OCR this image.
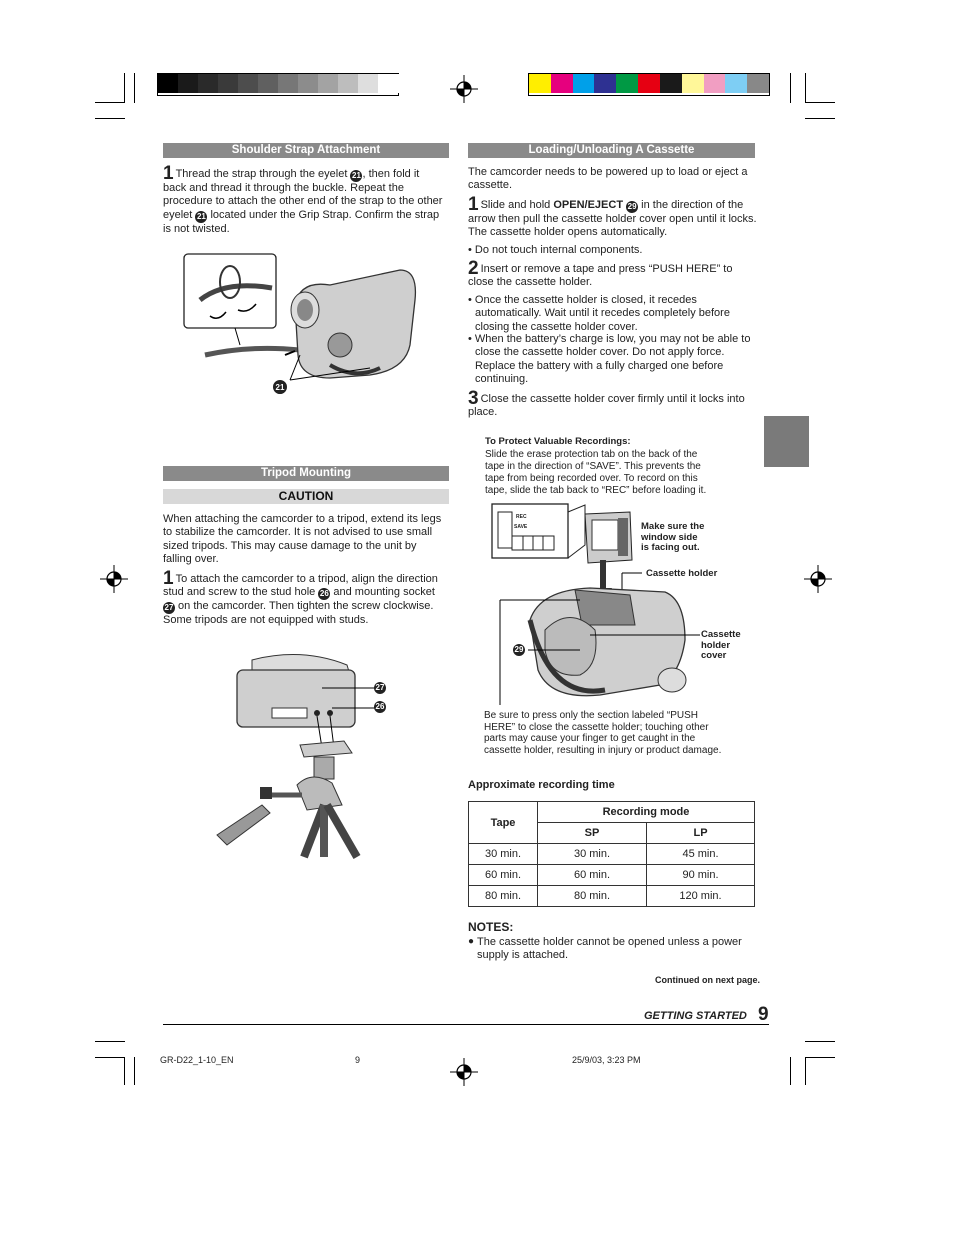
Shoulder Strap Attachment

1 Thread the strap through the eyelet 21 , then fold it back and thread it through the buckle. Repeat the procedure to attach the other end of the strap to the other eyelet 21 located under the Grip Strap. Confirm the strap is not twisted.

21
Tripod Mounting
CAUTION

When attaching the camcorder to a tripod, extend its legs to stabilize the camcorder. It is not advised to use small sized tripods. This may cause damage to the unit by falling over.

1 To attach the camcorder to a tripod, align the direction stud and screw to the stud hole 26 and mounting socket 27 on the camcorder. Then tighten the screw clockwise. Some tripods are not equipped with studs.

27
26
Loading/Unloading A Cassette

The camcorder needs to be powered up to load or eject a cassette.

1 Slide and hold OPEN/EJECT 29 in the direction of the arrow then pull the cassette holder cover open until it locks. The cassette holder opens automatically.

• Do not touch internal components.

2 Insert or remove a tape and press “PUSH HERE” to close the cassette holder.

• Once the cassette holder is closed, it recedes automatically. Wait until it recedes completely before closing the cassette holder cover.

• When the battery’s charge is low, you may not be able to close the cassette holder cover. Do not apply force. Replace the battery with a fully charged one before continuing.

3 Close the cassette holder cover firmly until it locks into place.

To Protect Valuable Recordings:

Slide the erase protection tab on the back of the tape in the direction of “SAVE”. This prevents the tape from being recorded over. To record on this tape, slide the tab back to “REC” before loading it.

REC
SAVE	Make sure the
window side
is facing out.
Cassette holder
Cassette
holder
cover
29

Be sure to press only the section labeled “PUSH HERE” to close the cassette holder; touching other parts may cause your finger to get caught in the cassette holder, resulting in injury or product damage.

Approximate recording time
Tape	Recording mode	
	SP	LP
30 min.	30 min.	45 min.
60 min.	60 min.	90 min.
80 min.	80 min.	120 min.
NOTES:
● The cassette holder cannot be opened unless a power supply is attached.

Continued on next page.
GETTING STARTED 9
GR-D22_1-10_EN	9	25/9/03, 3:23 PM
